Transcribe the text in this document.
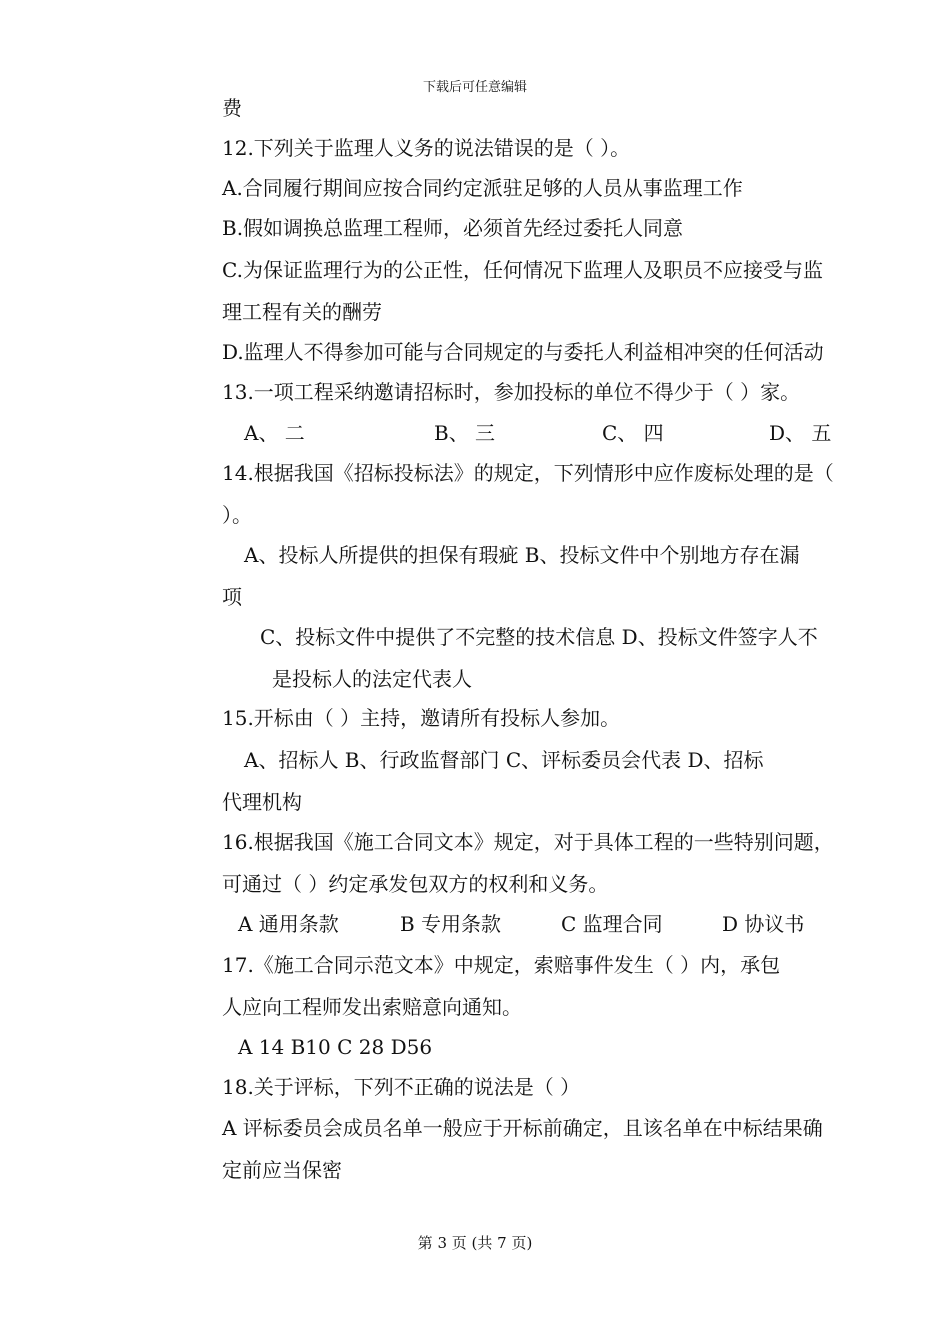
下载后可任意编辑
费
12.下列关于监理人义务的说法错误的是（ ）。
A.合同履行期间应按合同约定派驻足够的人员从事监理工作
B.假如调换总监理工程师，必须首先经过委托人同意
C.为保证监理行为的公正性，任何情况下监理人及职员不应接受与监
理工程有关的酬劳
D.监理人不得参加可能与合同规定的与委托人利益相冲突的任何活动
13.一项工程采纳邀请招标时，参加投标的单位不得少于（ ）家。
A、 二	B、 三	C、 四	D、 五
14.根据我国《招标投标法》的规定，下列情形中应作废标处理的是（
）。
A、投标人所提供的担保有瑕疵 B、投标文件中个别地方存在漏
项
C、投标文件中提供了不完整的技术信息 D、投标文件签字人不
是投标人的法定代表人
15.开标由（ ）主持，邀请所有投标人参加。
A、招标人 B、行政监督部门 C、评标委员会代表 D、招标
代理机构
16.根据我国《施工合同文本》规定，对于具体工程的一些特别问题，
可通过（ ）约定承发包双方的权利和义务。
A 通用条款	B 专用条款	C 监理合同	D 协议书
17.《施工合同示范文本》中规定，索赔事件发生（ ）内，承包
人应向工程师发出索赔意向通知。
A 14 B10 C 28 D56
18.关于评标，下列不正确的说法是（ ）
A 评标委员会成员名单一般应于开标前确定，且该名单在中标结果确
定前应当保密
第 3 页 (共 7 页)
